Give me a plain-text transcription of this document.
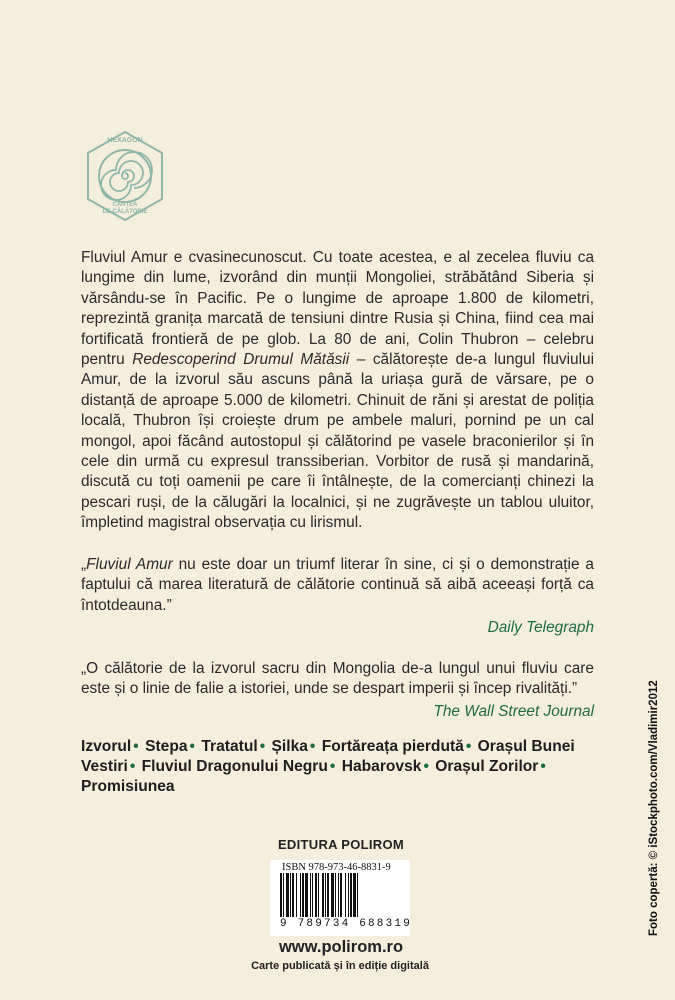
HEXAGON
CARTEA
DE CĂLĂTORIE

Fluviul Amur e cvasinecunoscut. Cu toate acestea, e al zecelea fluviu ca lungime din lume, izvorând din munții Mongoliei, străbătând Siberia și vărsându-se în Pacific. Pe o lungime de aproape 1.800 de kilometri, reprezintă granița marcată de tensiuni dintre Rusia și China, fiind cea mai fortificată frontieră de pe glob. La 80 de ani, Colin Thubron – celebru pentru Redescoperind Drumul Mătăsii – călătorește de-a lungul fluviului Amur, de la izvorul său ascuns până la uriașa gură de vărsare, pe o distanță de aproape 5.000 de kilometri. Chinuit de răni și arestat de poliția locală, Thubron își croiește drum pe ambele maluri, pornind pe un cal mongol, apoi făcând autostopul și călătorind pe vasele braconierilor și în cele din urmă cu expresul transsiberian. Vorbitor de rusă și mandarină, discută cu toți oamenii pe care îi întâlnește, de la comercianți chinezi la pescari ruși, de la călugări la localnici, și ne zugrăvește un tablou uluitor, împletind magistral observația cu lirismul.

„Fluviul Amur nu este doar un triumf literar în sine, ci și o demonstrație a faptului că marea literatură de călătorie continuă să aibă aceeași forță ca întotdeauna.”

Daily Telegraph

„O călătorie de la izvorul sacru din Mongolia de-a lungul unui fluviu care este și o linie de falie a istoriei, unde se despart imperii și încep rivalități.”

The Wall Street Journal
Izvorul • Stepa • Tratatul • Șilka • Fortăreața pierdută • Orașul Bunei Vestiri • Fluviul Dragonului Negru • Habarovsk • Orașul Zorilor • Promisiunea
EDITURA POLIROM
ISBN 978-973-46-8831-9
9 789734 688319
www.polirom.ro
Carte publicată și în ediție digitală
Foto copertă: © iStockphoto.com/Vladimir2012
